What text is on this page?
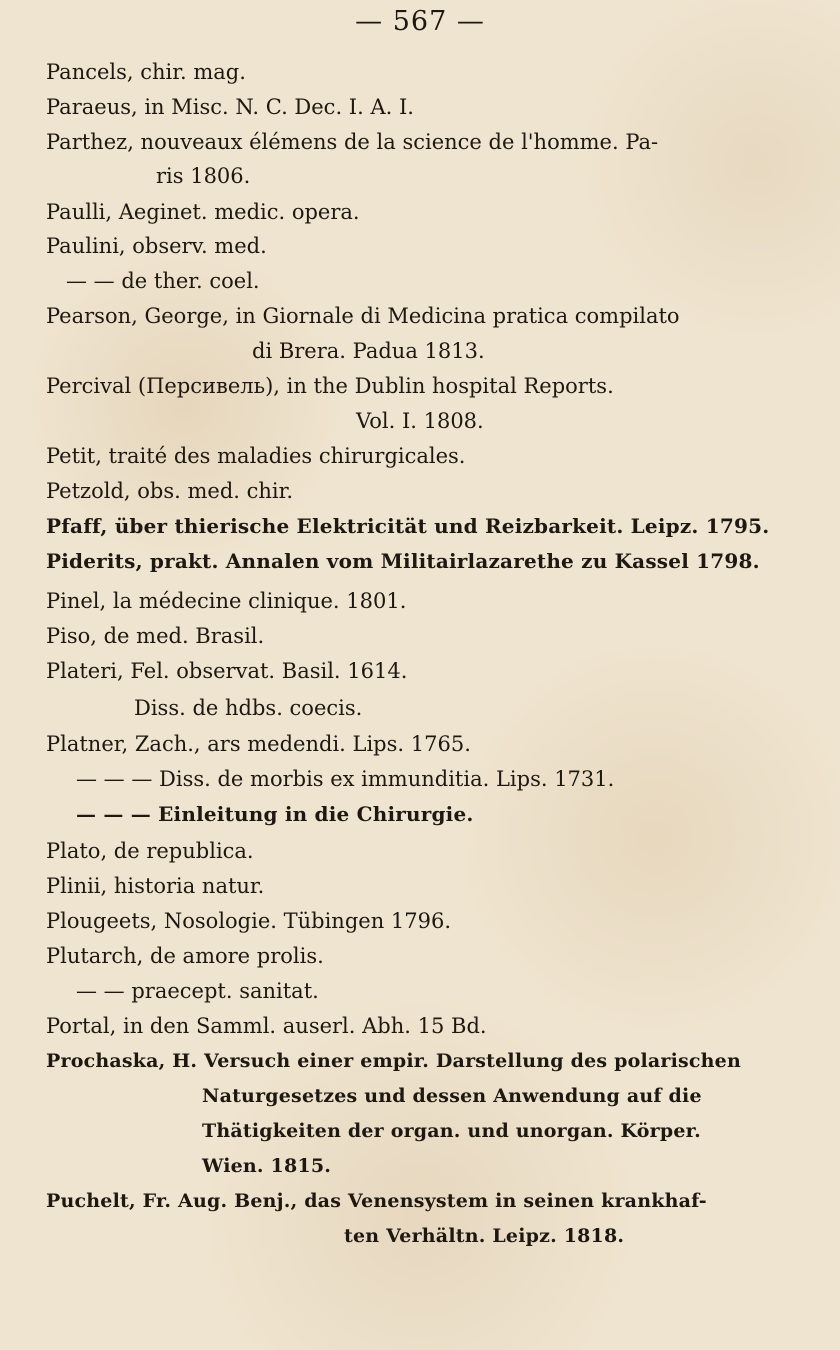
— 567 —
Pancels, chir. mag.
Paraeus, in Misc. N. C. Dec. I. A. I.
Parthez, nouveaux élémens de la science de l'homme. Pa-
ris 1806.
Paulli, Aeginet. medic. opera.
Paulini, observ. med.
— — de ther. coel.
Pearson, George, in Giornale di Medicina pratica compilato
di Brera. Padua 1813.
Percival (Персивель), in the Dublin hospital Reports.
Vol. I. 1808.
Petit, traité des maladies chirurgicales.
Petzold, obs. med. chir.
Pfaff, über thierische Elektricität und Reizbarkeit. Leipz. 1795.
Piderits, prakt. Annalen vom Militairlazarethe zu Kassel 1798.
Pinel, la médecine clinique. 1801.
Piso, de med. Brasil.
Plateri, Fel. observat. Basil. 1614.
Diss. de hdbs. coecis.
Platner, Zach., ars medendi. Lips. 1765.
— — — Diss. de morbis ex immunditia. Lips. 1731.
— — — Einleitung in die Chirurgie.
Plato, de republica.
Plinii, historia natur.
Plougeets, Nosologie. Tübingen 1796.
Plutarch, de amore prolis.
— — praecept. sanitat.
Portal, in den Samml. auserl. Abh. 15 Bd.
Prochaska, H. Versuch einer empir. Darstellung des polarischen
Naturgesetzes und dessen Anwendung auf die
Thätigkeiten der organ. und unorgan. Körper.
Wien. 1815.
Puchelt, Fr. Aug. Benj., das Venensystem in seinen krankhaf-
ten Verhältn. Leipz. 1818.
